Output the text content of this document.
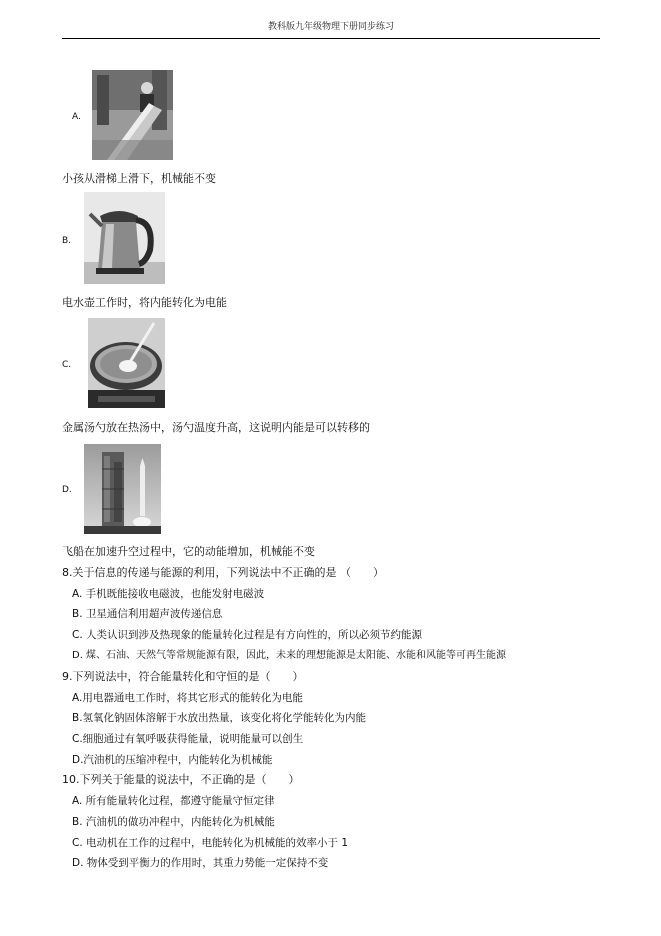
教科版九年级物理下册同步练习
A.
小孩从滑梯上滑下，机械能不变
B.
电水壶工作时，将内能转化为电能
C.
金属汤勺放在热汤中，汤勺温度升高，这说明内能是可以转移的
D.
飞船在加速升空过程中，它的动能增加，机械能不变
8.关于信息的传递与能源的利用，下列说法中不正确的是 （　　）
A. 手机既能接收电磁波，也能发射电磁波
B. 卫星通信利用超声波传递信息
C. 人类认识到涉及热现象的能量转化过程是有方向性的，所以必须节约能源
D. 煤、石油、天然气等常规能源有限，因此，未来的理想能源是太阳能、水能和风能等可再生能源
9.下列说法中，符合能量转化和守恒的是（　　）
A.用电器通电工作时，将其它形式的能转化为电能
B.氢氧化钠固体溶解于水放出热量，该变化将化学能转化为内能
C.细胞通过有氧呼吸获得能量，说明能量可以创生
D.汽油机的压缩冲程中，内能转化为机械能
10.下列关于能量的说法中，不正确的是（　　）
A. 所有能量转化过程，都遵守能量守恒定律
B. 汽油机的做功冲程中，内能转化为机械能
C. 电动机在工作的过程中，电能转化为机械能的效率小于 1
D. 物体受到平衡力的作用时，其重力势能一定保持不变
